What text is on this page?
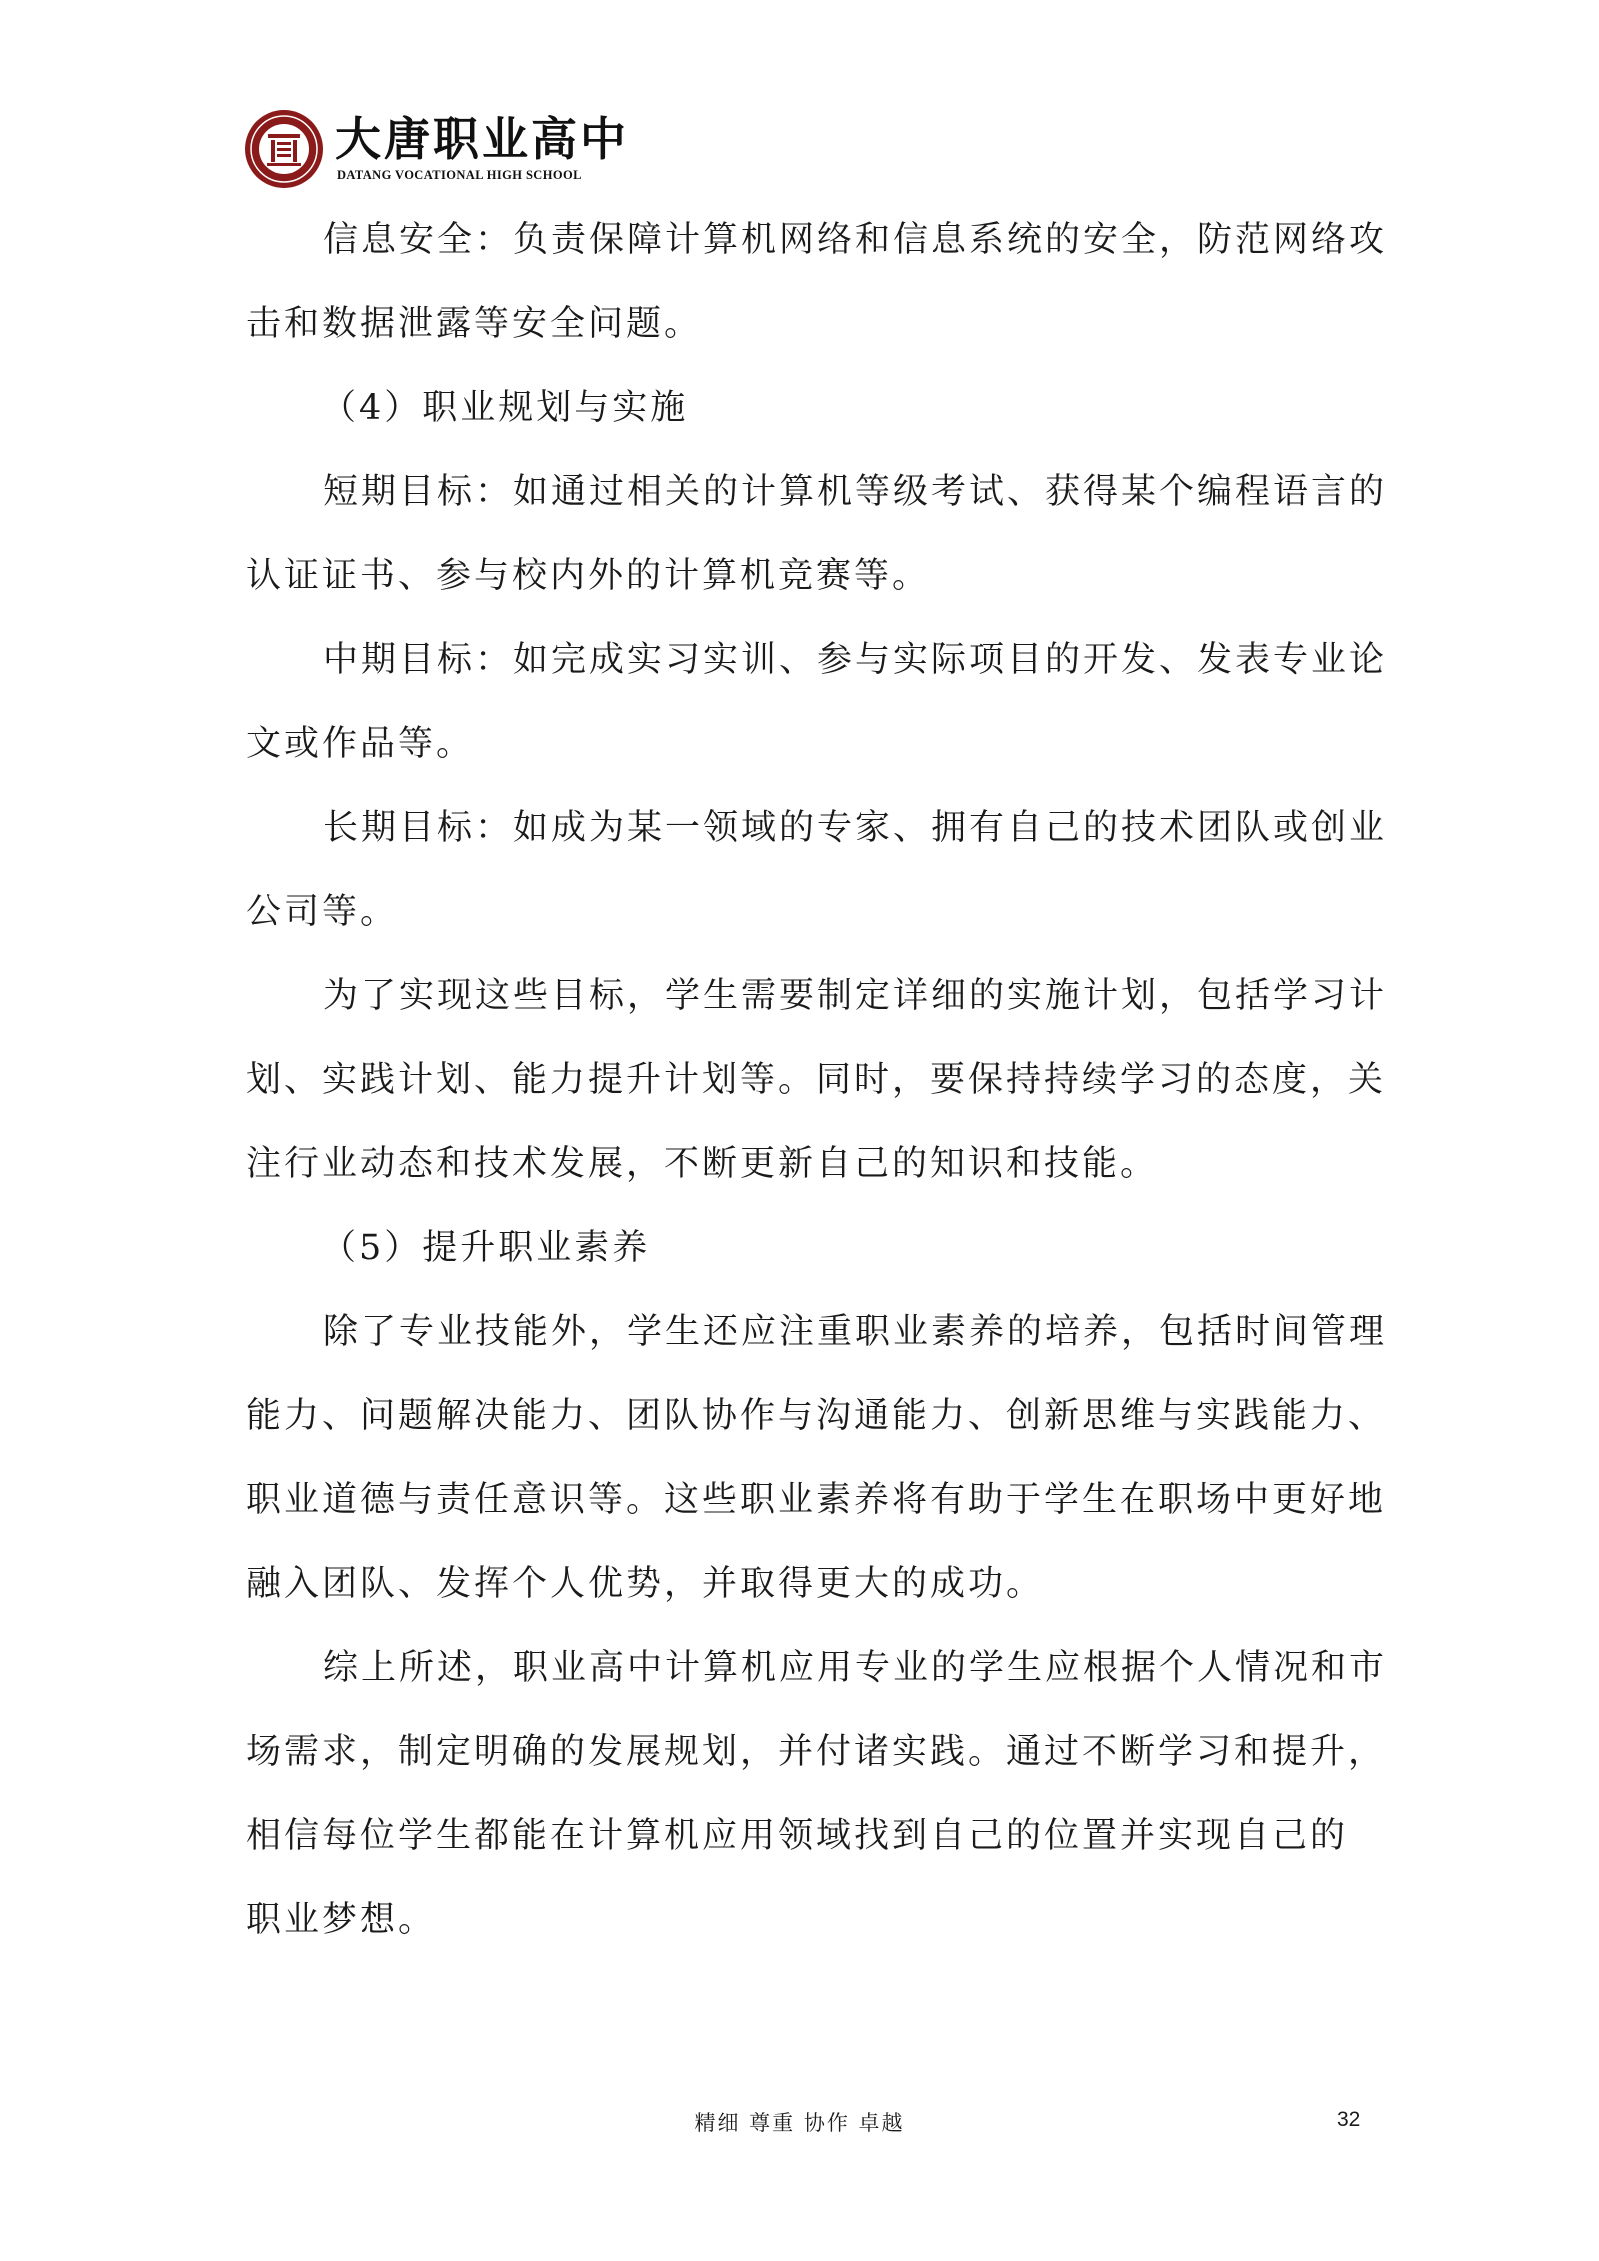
大唐职业高中
DATANG VOCATIONAL HIGH SCHOOL
信息安全：负责保障计算机网络和信息系统的安全，防范网络攻
击和数据泄露等安全问题。
（4）职业规划与实施
短期目标：如通过相关的计算机等级考试、获得某个编程语言的
认证证书、参与校内外的计算机竞赛等。
中期目标：如完成实习实训、参与实际项目的开发、发表专业论
文或作品等。
长期目标：如成为某一领域的专家、拥有自己的技术团队或创业
公司等。
为了实现这些目标，学生需要制定详细的实施计划，包括学习计
划、实践计划、能力提升计划等。同时，要保持持续学习的态度，关
注行业动态和技术发展，不断更新自己的知识和技能。
（5）提升职业素养
除了专业技能外，学生还应注重职业素养的培养，包括时间管理
能力、问题解决能力、团队协作与沟通能力、创新思维与实践能力、
职业道德与责任意识等。这些职业素养将有助于学生在职场中更好地
融入团队、发挥个人优势，并取得更大的成功。
综上所述，职业高中计算机应用专业的学生应根据个人情况和市
场需求，制定明确的发展规划，并付诸实践。通过不断学习和提升，
相信每位学生都能在计算机应用领域找到自己的位置并实现自己的
职业梦想。
精细 尊重 协作 卓越	32
